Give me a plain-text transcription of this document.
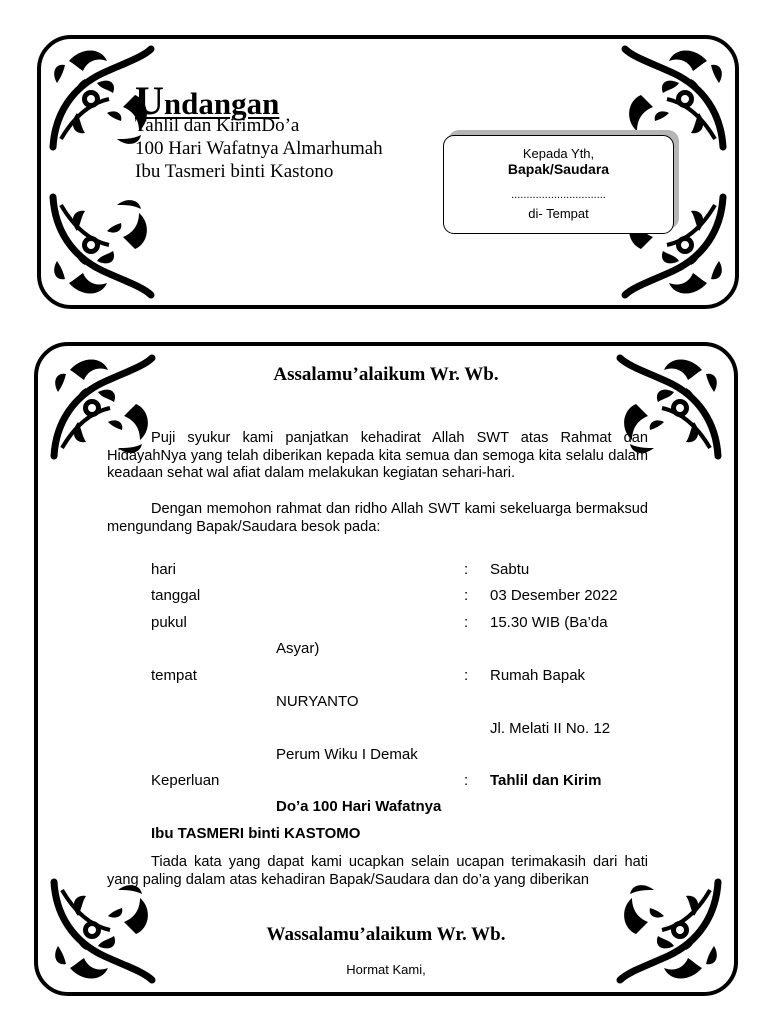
Undangan
Tahlil dan KirimDo’a
100 Hari Wafatnya Almarhumah
Ibu Tasmeri binti Kastono
Kepada Yth,
Bapak/Saudara
...............................
di- Tempat
Assalamu’alaikum Wr. Wb.
Puji syukur kami panjatkan kehadirat Allah SWT atas Rahmat dan HidayahNya yang telah diberikan kepada kita semua dan semoga kita selalu dalam keadaan sehat wal afiat dalam melakukan kegiatan sehari-hari.
Dengan memohon rahmat dan ridho Allah SWT kami sekeluarga bermaksud mengundang Bapak/Saudara besok pada:
hari	: Sabtu
tanggal	: 03 Desember 2022
pukul	: 15.30 WIB (Ba’da
Asyar)
tempat	: Rumah Bapak
NURYANTO
Jl. Melati II No. 12
Perum Wiku I Demak
Keperluan	: Tahlil dan Kirim
Do’a 100 Hari Wafatnya
Ibu TASMERI binti KASTOMO
Tiada kata yang dapat kami ucapkan selain ucapan terimakasih dari hati yang paling dalam atas kehadiran Bapak/Saudara dan do’a yang diberikan
Wassalamu’alaikum Wr. Wb.
Hormat Kami,
